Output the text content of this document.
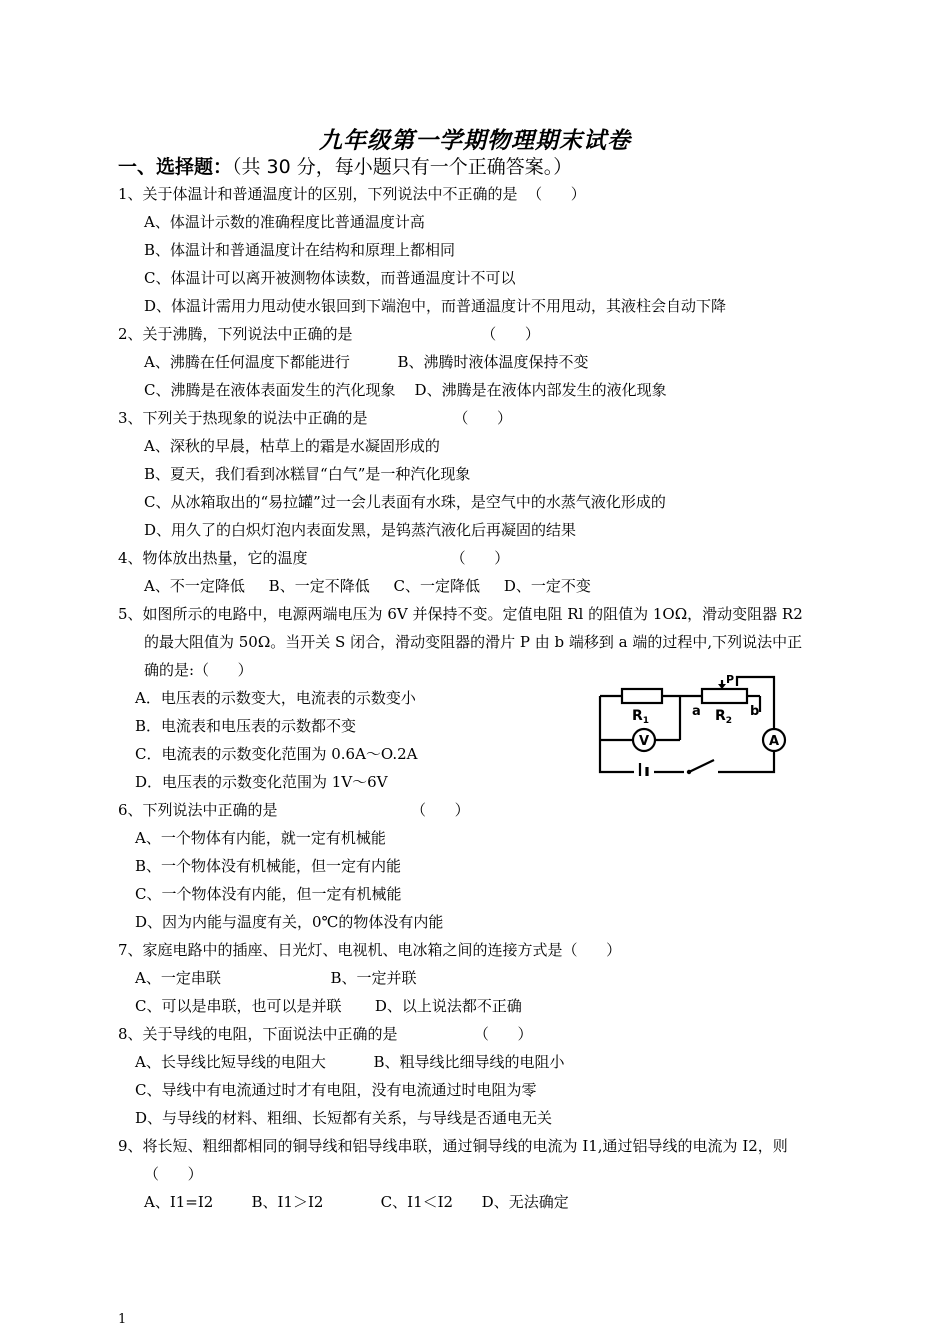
九年级第一学期物理期末试卷
一、选择题：（共 30 分，每小题只有一个正确答案。）
1、关于体温计和普通温度计的区别，下列说法中不正确的是  （      ）
A、体温计示数的准确程度比普通温度计高
B、体温计和普通温度计在结构和原理上都相同
C、体温计可以离开被测物体读数，而普通温度计不可以
D、体温计需用力甩动使水银回到下端泡中，而普通温度计不用甩动，其液柱会自动下降
2、关于沸腾，下列说法中正确的是                           （      ）
A、沸腾在任何温度下都能进行          B、沸腾时液体温度保持不变
C、沸腾是在液体表面发生的汽化现象    D、沸腾是在液体内部发生的液化现象
3、下列关于热现象的说法中正确的是                  （      ）
A、深秋的早晨，枯草上的霜是水凝固形成的
B、夏天，我们看到冰糕冒“白气”是一种汽化现象
C、从冰箱取出的“易拉罐”过一会儿表面有水珠，是空气中的水蒸气液化形成的
D、用久了的白炽灯泡内表面发黑，是钨蒸汽液化后再凝固的结果
4、物体放出热量，它的温度                              （      ）
A、不一定降低     B、一定不降低     C、一定降低     D、一定不变
5、如图所示的电路中，电源两端电压为 6V 并保持不变。定值电阻 Rl 的阻值为 1OΩ，滑动变阻器 R2
的最大阻值为 50Ω。当开关 S 闭合，滑动变阻器的滑片 P 由 b 端移到 a 端的过程中,下列说法中正
确的是:（      ）
A．电压表的示数变大，电流表的示数变小
B．电流表和电压表的示数都不变
C．电流表的示数变化范围为 0.6A～O.2A
D．电压表的示数变化范围为 1V～6V
6、下列说法中正确的是                            （      ）
A、一个物体有内能，就一定有机械能
B、一个物体没有机械能，但一定有内能
C、一个物体没有内能，但一定有机械能
D、因为内能与温度有关，0℃的物体没有内能
7、家庭电路中的插座、日光灯、电视机、电冰箱之间的连接方式是（      ）
A、一定串联                       B、一定并联
C、可以是串联，也可以是并联       D、以上说法都不正确
8、关于导线的电阻，下面说法中正确的是                （      ）
A、长导线比短导线的电阻大          B、粗导线比细导线的电阻小
C、导线中有电流通过时才有电阻，没有电流通过时电阻为零
D、与导线的材料、粗细、长短都有关系，与导线是否通电无关
9、将长短、粗细都相同的铜导线和铝导线串联，通过铜导线的电流为 I1,通过铝导线的电流为 I2，则
（      ）
A、I1=I2        B、I1＞I2            C、I1＜I2      D、无法确定
$R_1$	$R_2$
a	b
P
V	A
1
